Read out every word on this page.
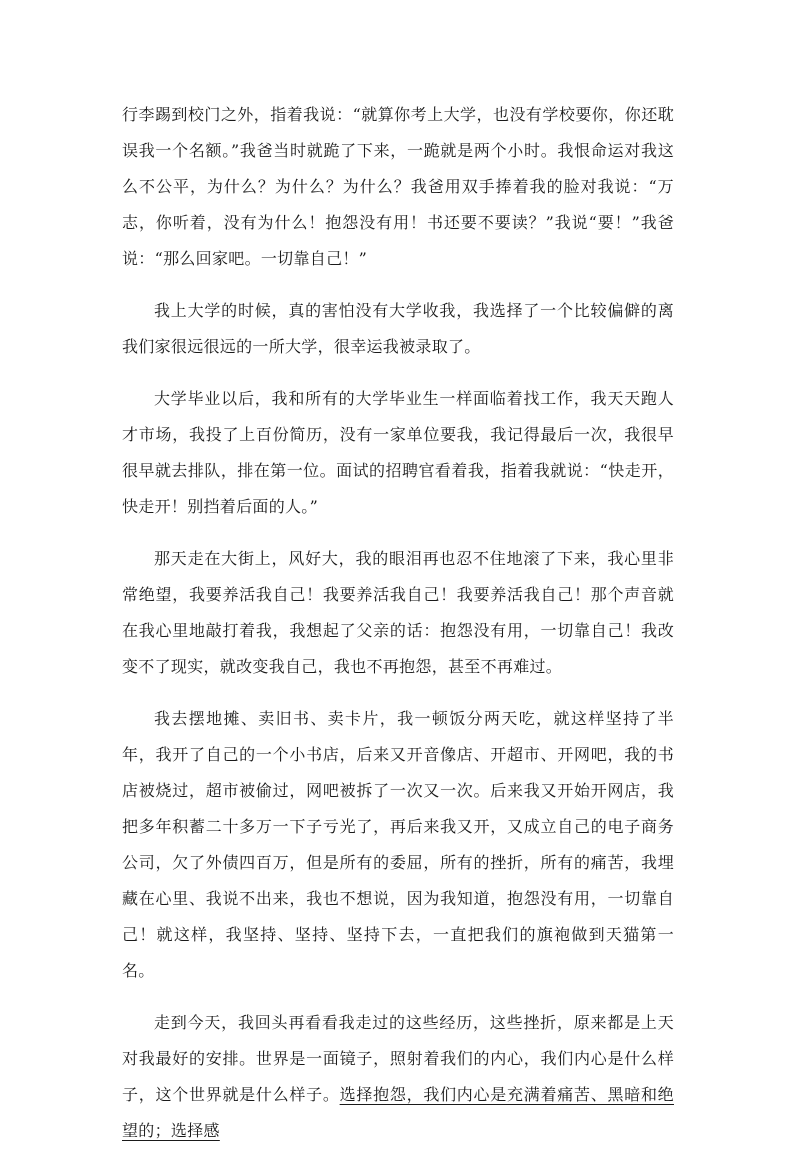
行李踢到校门之外，指着我说：“就算你考上大学，也没有学校要你，你还耽误我一个名额。”我爸当时就跪了下来，一跪就是两个小时。我恨命运对我这么不公平，为什么？为什么？为什么？我爸用双手捧着我的脸对我说：“万志，你听着，没有为什么！抱怨没有用！书还要不要读？”我说“要！”我爸说：“那么回家吧。一切靠自己！”

我上大学的时候，真的害怕没有大学收我，我选择了一个比较偏僻的离我们家很远很远的一所大学，很幸运我被录取了。

大学毕业以后，我和所有的大学毕业生一样面临着找工作，我天天跑人才市场，我投了上百份简历，没有一家单位要我，我记得最后一次，我很早很早就去排队，排在第一位。面试的招聘官看着我，指着我就说：“快走开，快走开！别挡着后面的人。”

那天走在大街上，风好大，我的眼泪再也忍不住地滚了下来，我心里非常绝望，我要养活我自己！我要养活我自己！我要养活我自己！那个声音就在我心里地敲打着我，我想起了父亲的话：抱怨没有用，一切靠自己！我改变不了现实，就改变我自己，我也不再抱怨，甚至不再难过。

我去摆地摊、卖旧书、卖卡片，我一顿饭分两天吃，就这样坚持了半年，我开了自己的一个小书店，后来又开音像店、开超市、开网吧，我的书店被烧过，超市被偷过，网吧被拆了一次又一次。后来我又开始开网店，我把多年积蓄二十多万一下子亏光了，再后来我又开，又成立自己的电子商务公司，欠了外债四百万，但是所有的委屈，所有的挫折，所有的痛苦，我埋藏在心里、我说不出来，我也不想说，因为我知道，抱怨没有用，一切靠自己！就这样，我坚持、坚持、坚持下去，一直把我们的旗袍做到天猫第一名。

走到今天，我回头再看看我走过的这些经历，这些挫折，原来都是上天对我最好的安排。世界是一面镜子，照射着我们的内心，我们内心是什么样子，这个世界就是什么样子。选择抱怨，我们内心是充满着痛苦、黑暗和绝望的；选择感
